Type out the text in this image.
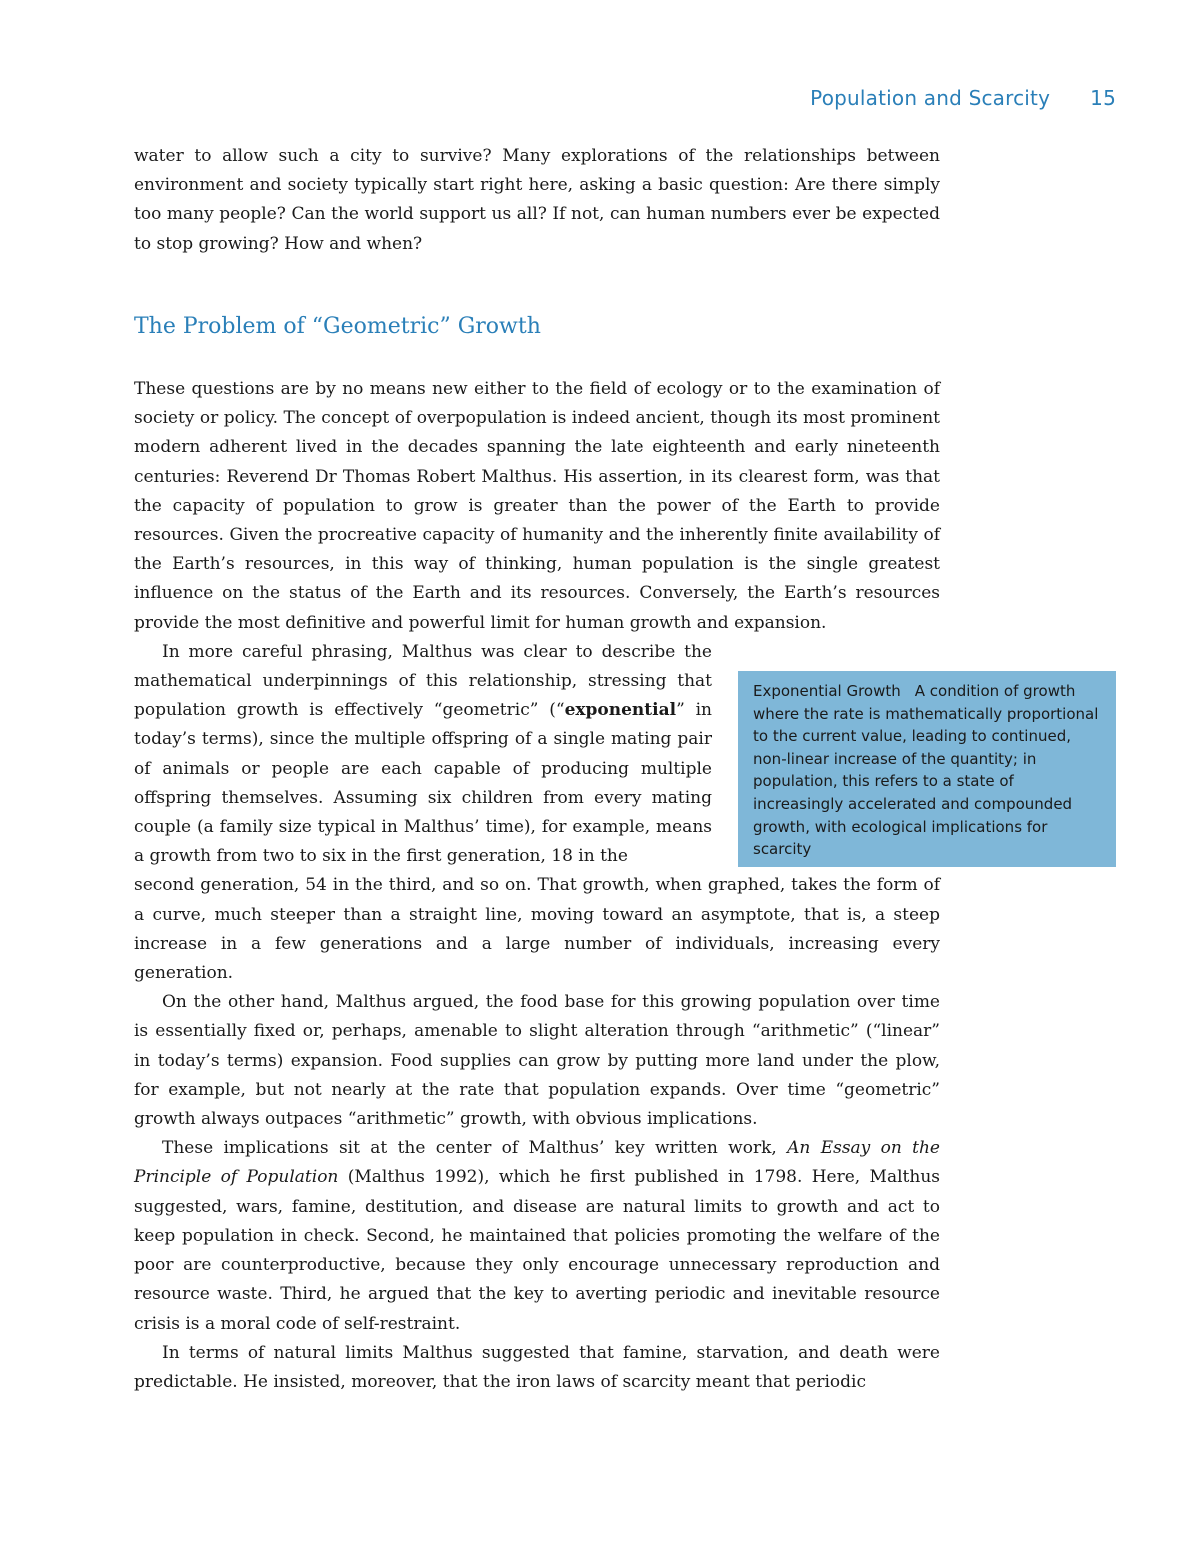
Population and Scarcity 15

water to allow such a city to survive? Many explorations of the relationships between environment and society typically start right here, asking a basic question: Are there simply too many people? Can the world support us all? If not, can human numbers ever be expected to stop growing? How and when?

The Problem of “Geometric” Growth

These questions are by no means new either to the field of ecology or to the examination of society or policy. The concept of overpopulation is indeed ancient, though its most prominent modern adherent lived in the decades spanning the late eighteenth and early nineteenth centuries: Reverend Dr Thomas Robert Malthus. His assertion, in its clearest form, was that the capacity of population to grow is greater than the power of the Earth to provide resources. Given the procreative capacity of humanity and the inherently finite availability of the Earth’s resources, in this way of thinking, human population is the single greatest influence on the status of the Earth and its resources. Conversely, the Earth’s resources provide the most definitive and powerful limit for human growth and expansion.

In more careful phrasing, Malthus was clear to describe the mathematical underpinnings of this relationship, stressing that population growth is effectively “geometric” (“exponential” in today’s terms), since the multiple offspring of a single mating pair of animals or people are each capable of producing multiple offspring themselves. Assuming six children from every mating couple (a family size typical in Malthus’ time), for example, means a growth from two to six in the first generation, 18 in the

second generation, 54 in the third, and so on. That growth, when graphed, takes the form of a curve, much steeper than a straight line, moving toward an asymptote, that is, a steep increase in a few generations and a large number of individuals, increasing every generation.

On the other hand, Malthus argued, the food base for this growing population over time is essentially fixed or, perhaps, amenable to slight alteration through “arithmetic” (“linear” in today’s terms) expansion. Food supplies can grow by putting more land under the plow, for example, but not nearly at the rate that population expands. Over time “geometric” growth always outpaces “arithmetic” growth, with obvious implications.

These implications sit at the center of Malthus’ key written work, An Essay on the Principle of Population (Malthus 1992), which he first published in 1798. Here, Malthus suggested, wars, famine, destitution, and disease are natural limits to growth and act to keep population in check. Second, he maintained that policies promoting the welfare of the poor are counterproductive, because they only encourage unnecessary reproduction and resource waste. Third, he argued that the key to averting periodic and inevitable resource crisis is a moral code of self-restraint.

In terms of natural limits Malthus suggested that famine, starvation, and death were predictable. He insisted, moreover, that the iron laws of scarcity meant that periodic

Exponential Growth A condition of growth where the rate is mathematically proportional to the current value, leading to continued, non-linear increase of the quantity; in population, this refers to a state of increasingly accelerated and compounded growth, with ecological implications for scarcity
